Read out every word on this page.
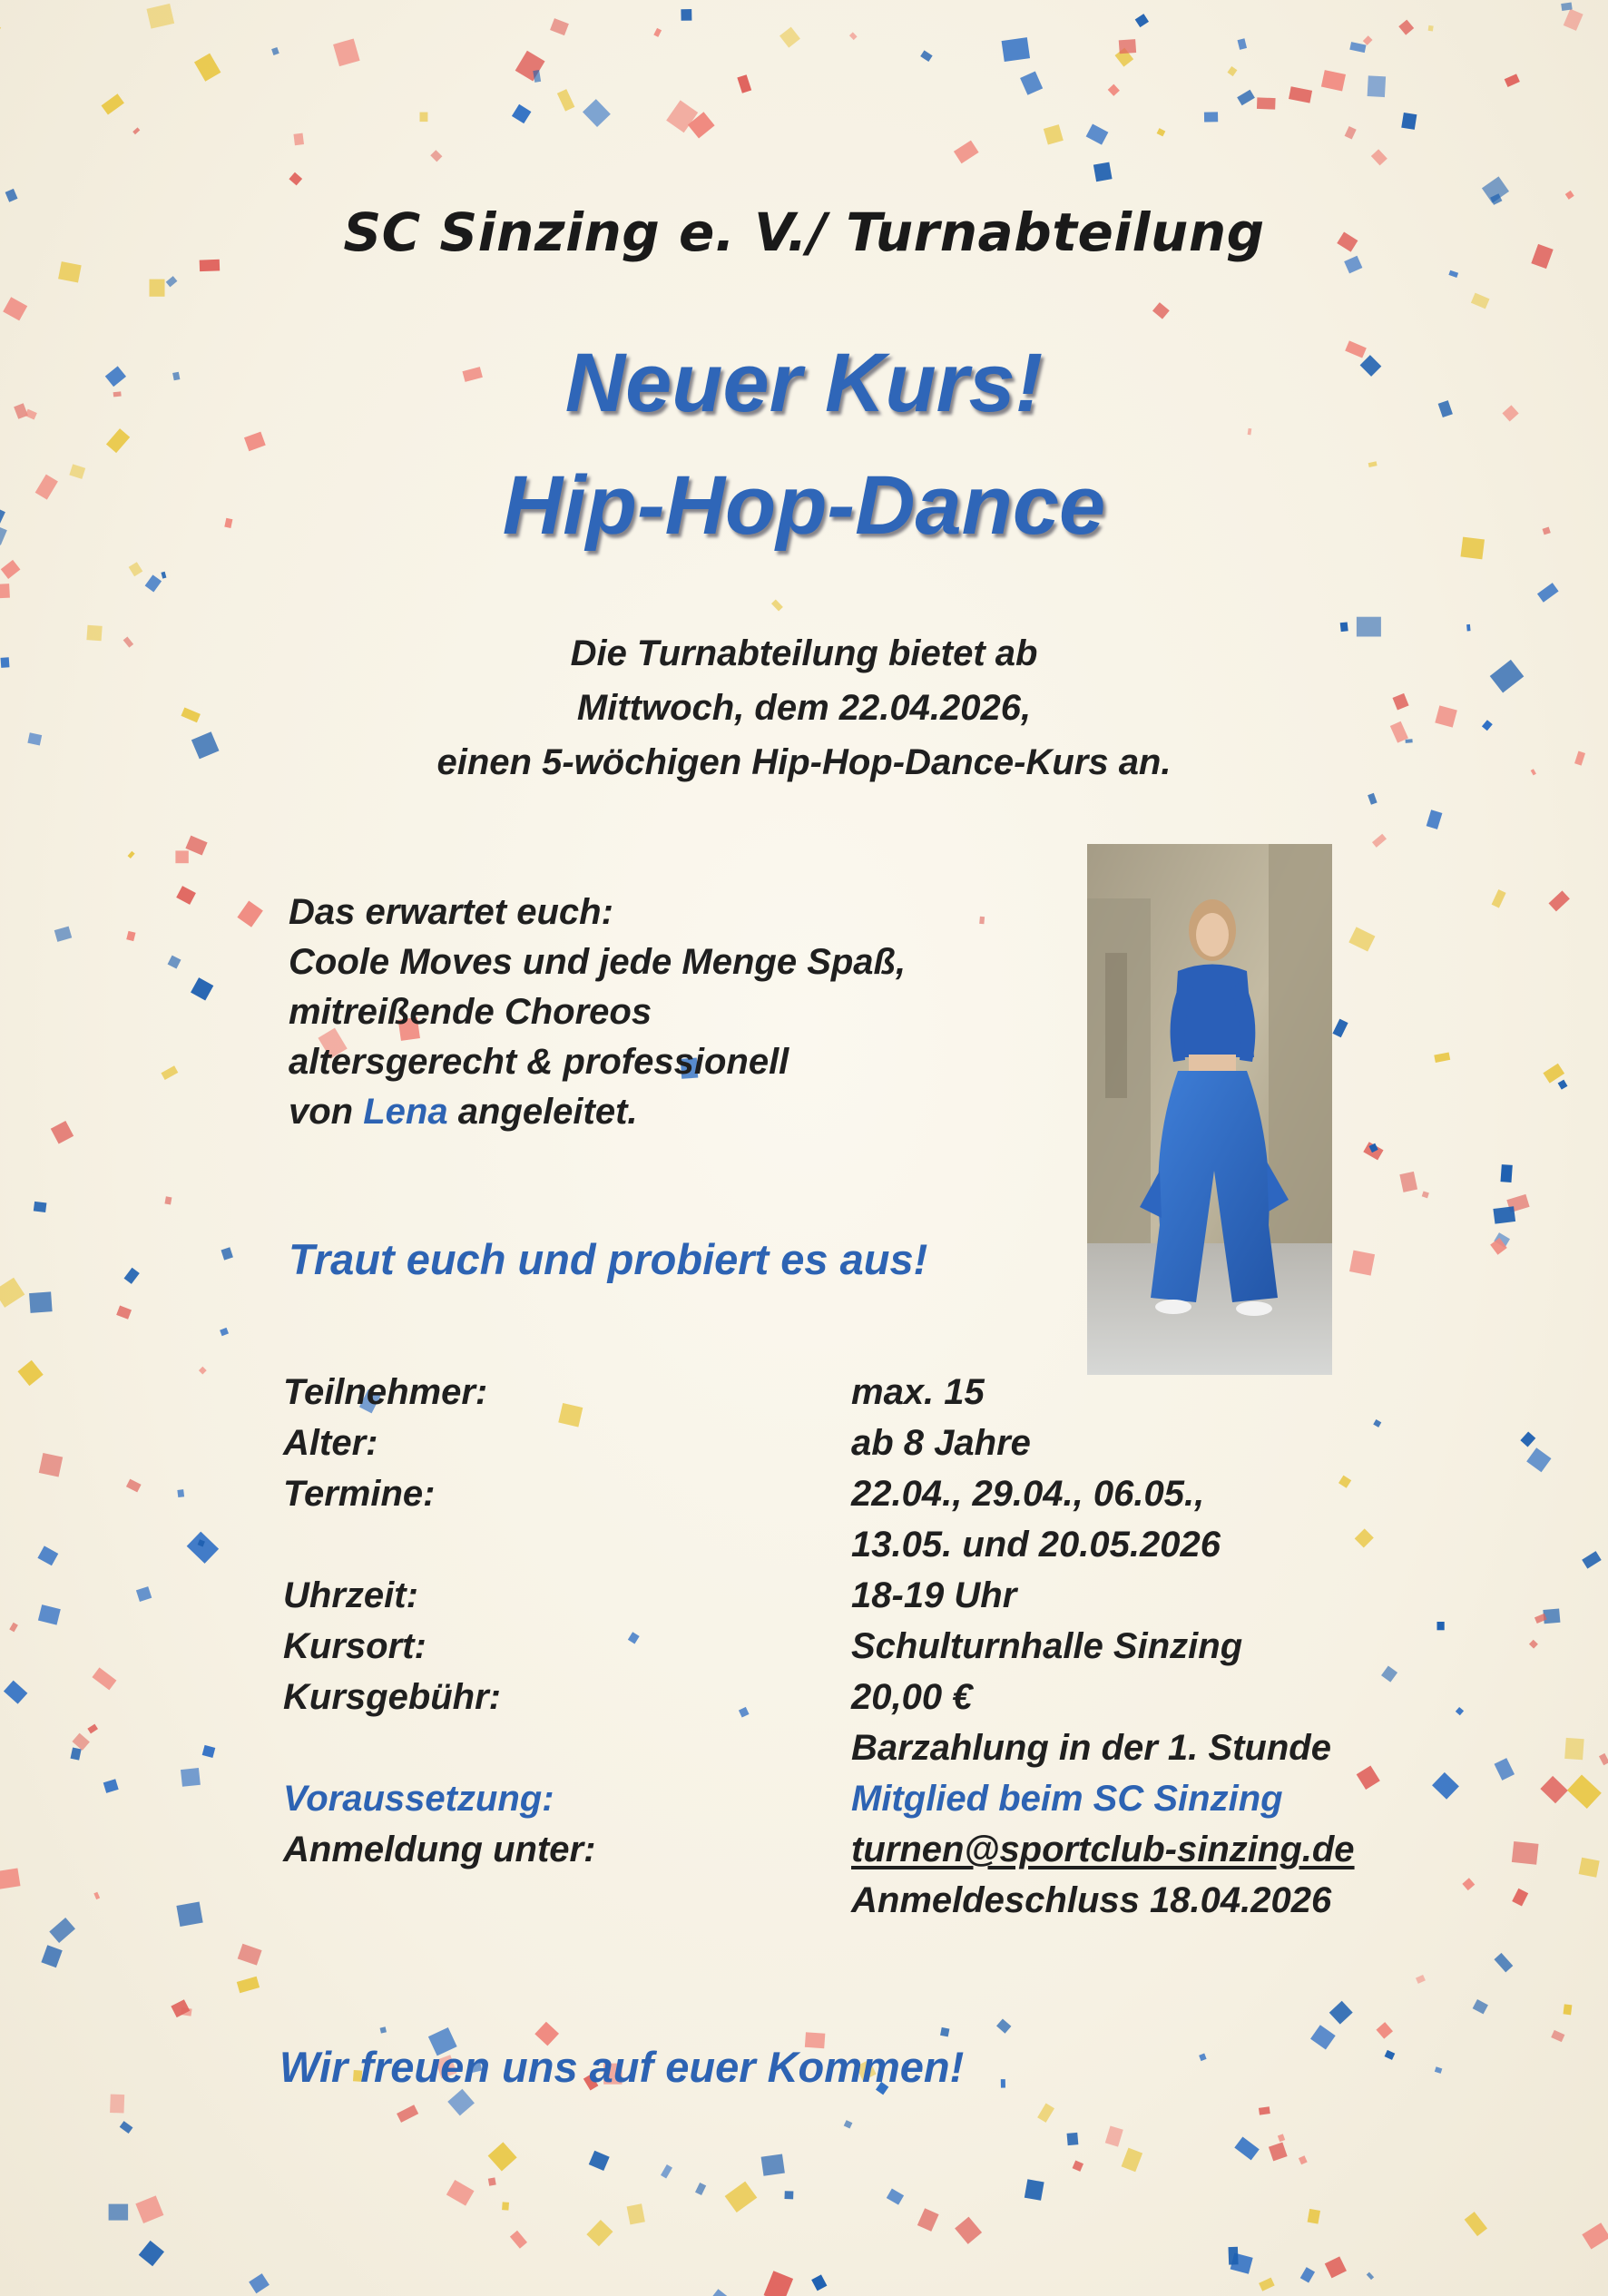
SC Sinzing e. V./ Turnabteilung
Neuer Kurs!
Hip-Hop-Dance
Die Turnabteilung bietet ab
Mittwoch, dem 22.04.2026,
einen 5-wöchigen Hip-Hop-Dance-Kurs an.
Das erwartet euch:
Coole Moves und jede Menge Spaß,
mitreißende Choreos
altersgerecht & professionell
von Lena angeleitet.
Traut euch und probiert es aus!
Teilnehmer:	max. 15
Alter:	ab 8 Jahre
Termine:	22.04., 29.04., 06.05.,
13.05. und 20.05.2026
Uhrzeit:	18-19 Uhr
Kursort:	Schulturnhalle Sinzing
Kursgebühr:	20,00 €
Barzahlung in der 1. Stunde
Voraussetzung:	Mitglied beim SC Sinzing
Anmeldung unter:	turnen@sportclub-sinzing.de
Anmeldeschluss 18.04.2026
Wir freuen uns auf euer Kommen!
